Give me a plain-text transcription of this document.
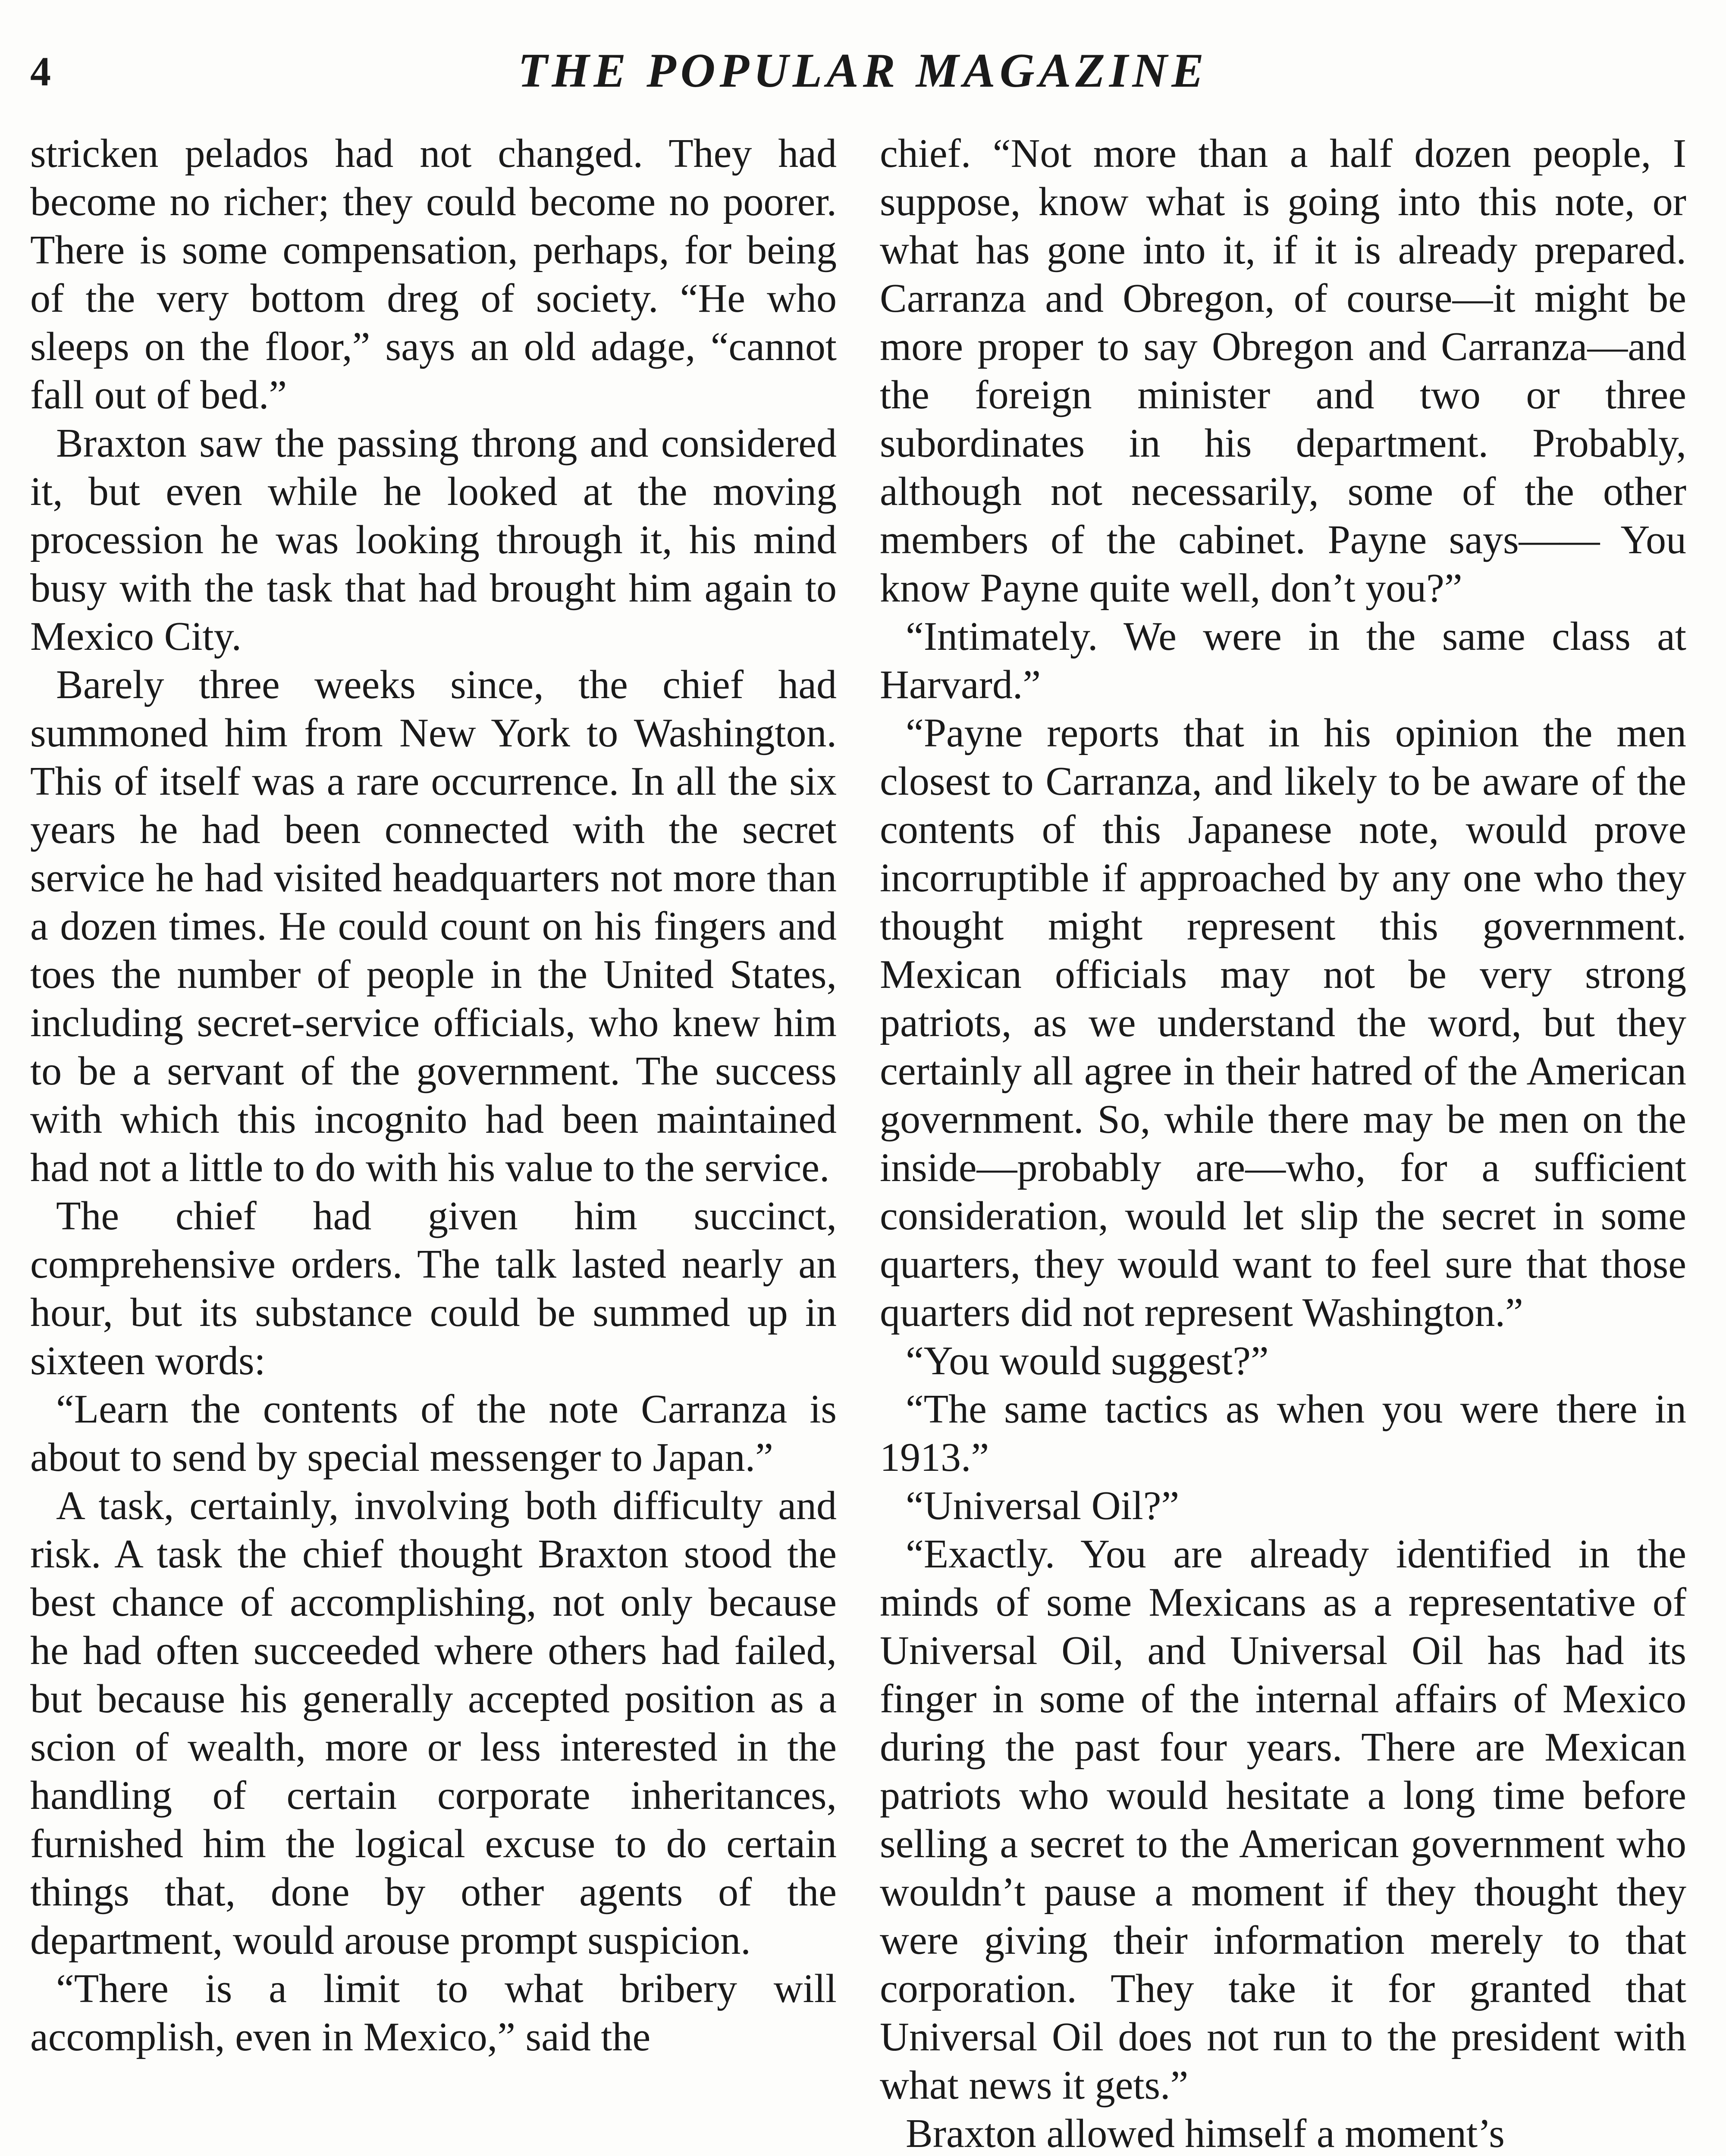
4	THE POPULAR MAGAZINE

stricken pelados had not changed. They had become no richer; they could become no poorer. There is some compensation, perhaps, for being of the very bottom dreg of society. “He who sleeps on the floor,” says an old adage, “cannot fall out of bed.”

Braxton saw the passing throng and considered it, but even while he looked at the moving procession he was looking through it, his mind busy with the task that had brought him again to Mexico City.

Barely three weeks since, the chief had summoned him from New York to Washington. This of itself was a rare occurrence. In all the six years he had been connected with the secret service he had visited headquarters not more than a dozen times. He could count on his fingers and toes the number of people in the United States, including secret-service officials, who knew him to be a servant of the government. The success with which this incognito had been maintained had not a little to do with his value to the service.

The chief had given him succinct, comprehensive orders. The talk lasted nearly an hour, but its substance could be summed up in sixteen words:

“Learn the contents of the note Carranza is about to send by special messenger to Japan.”

A task, certainly, involving both difficulty and risk. A task the chief thought Braxton stood the best chance of accomplishing, not only because he had often succeeded where others had failed, but because his generally accepted position as a scion of wealth, more or less interested in the handling of certain corporate inheritances, furnished him the logical excuse to do certain things that, done by other agents of the department, would arouse prompt suspicion.

“There is a limit to what bribery will accomplish, even in Mexico,” said the

chief. “Not more than a half dozen people, I suppose, know what is going into this note, or what has gone into it, if it is already prepared. Carranza and Obregon, of course—it might be more proper to say Obregon and Carranza—and the foreign minister and two or three subordinates in his department. Probably, although not necessarily, some of the other members of the cabinet. Payne says—— You know Payne quite well, don’t you?”

“Intimately. We were in the same class at Harvard.”

“Payne reports that in his opinion the men closest to Carranza, and likely to be aware of the contents of this Japanese note, would prove incorruptible if approached by any one who they thought might represent this government. Mexican officials may not be very strong patriots, as we understand the word, but they certainly all agree in their hatred of the American government. So, while there may be men on the inside—probably are—who, for a sufficient consideration, would let slip the secret in some quarters, they would want to feel sure that those quarters did not represent Washington.”

“You would suggest?”

“The same tactics as when you were there in 1913.”

“Universal Oil?”

“Exactly. You are already identified in the minds of some Mexicans as a representative of Universal Oil, and Universal Oil has had its finger in some of the internal affairs of Mexico during the past four years. There are Mexican patriots who would hesitate a long time before selling a secret to the American government who wouldn’t pause a moment if they thought they were giving their information merely to that corporation. They take it for granted that Universal Oil does not run to the president with what news it gets.”

Braxton allowed himself a moment’s
